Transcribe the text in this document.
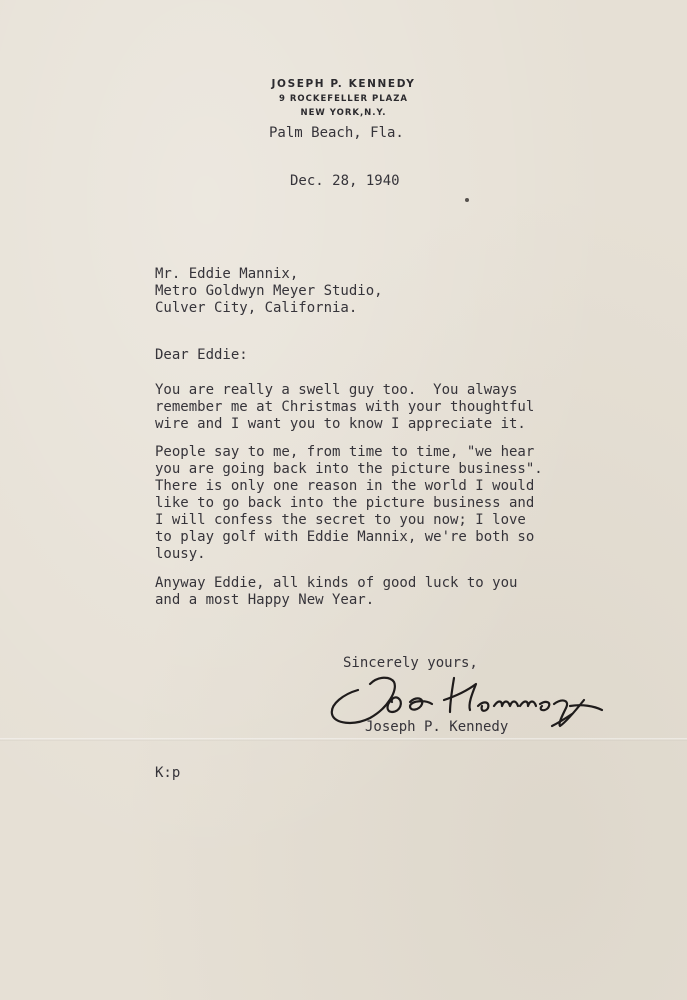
JOSEPH P. KENNEDY
9 ROCKEFELLER PLAZA
NEW YORK,N.Y.
Palm Beach, Fla.
Dec. 28, 1940
Mr. Eddie Mannix,
Metro Goldwyn Meyer Studio,
Culver City, California.
Dear Eddie:
You are really a swell guy too.  You always
remember me at Christmas with your thoughtful
wire and I want you to know I appreciate it.
People say to me, from time to time, "we hear
you are going back into the picture business".
There is only one reason in the world I would
like to go back into the picture business and
I will confess the secret to you now; I love
to play golf with Eddie Mannix, we're both so
lousy.
Anyway Eddie, all kinds of good luck to you
and a most Happy New Year.
Sincerely yours,
Joseph P. Kennedy
K:p
